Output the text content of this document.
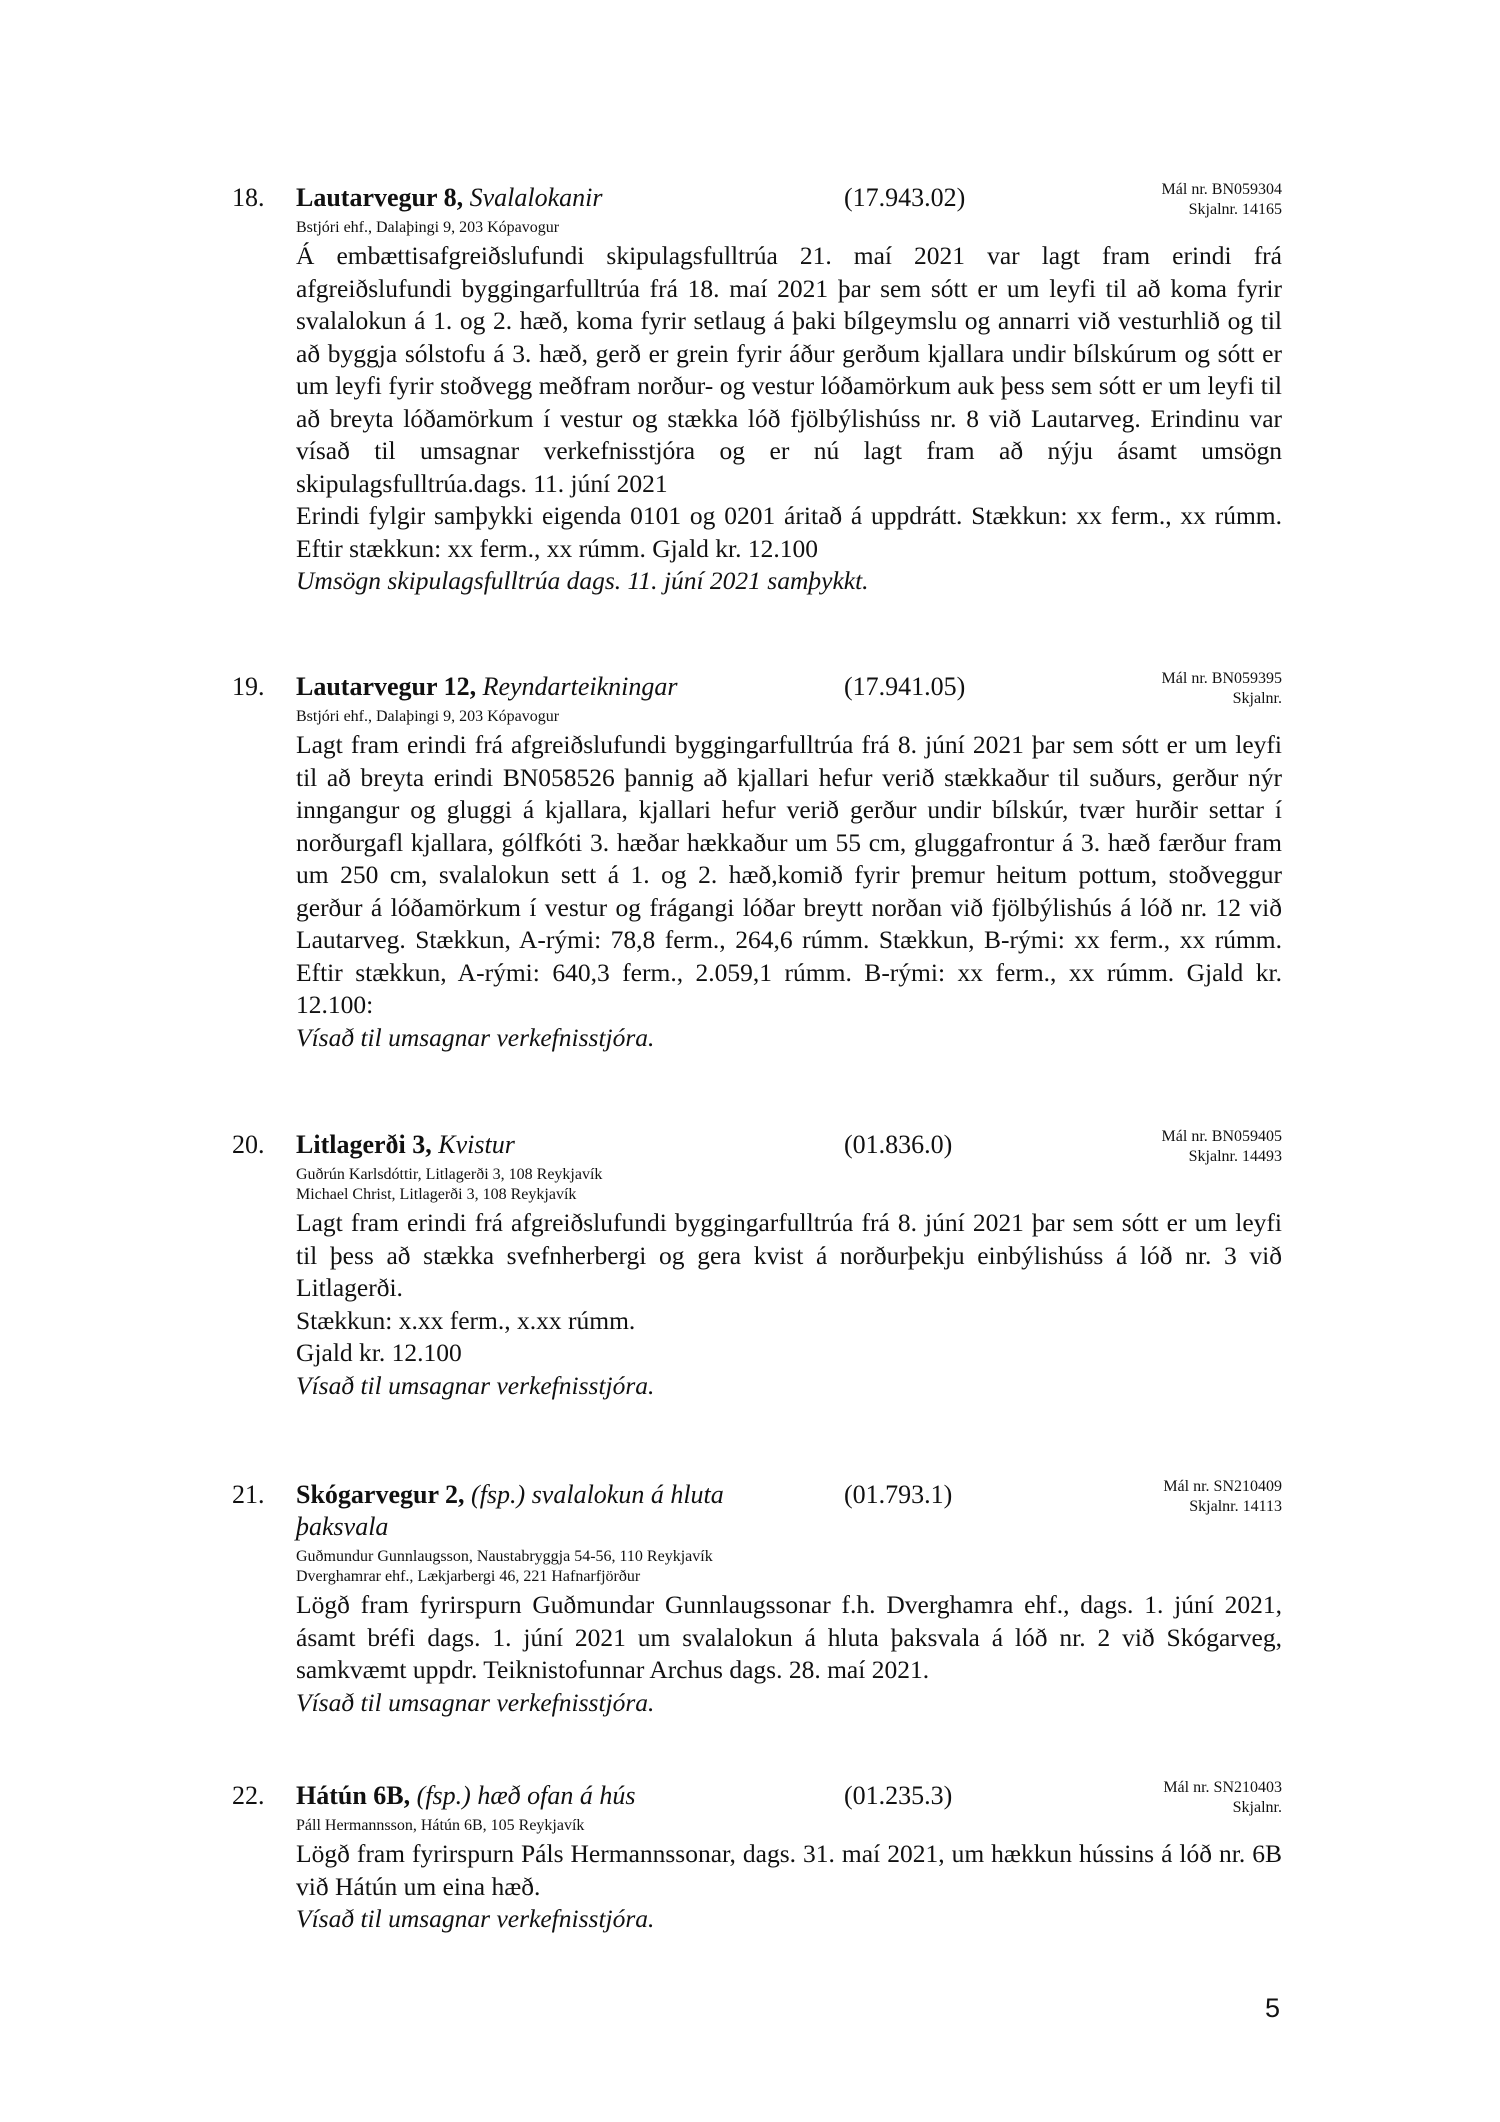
18. Lautarvegur 8, Svalalokanir	(17.943.02)	Mál nr. BN059304
Skjalnr. 14165
Bstjóri ehf., Dalaþingi 9, 203 Kópavogur

Á embættisafgreiðslufundi skipulagsfulltrúa 21. maí 2021 var lagt fram erindi frá afgreiðslufundi byggingarfulltrúa frá 18. maí 2021 þar sem sótt er um leyfi til að koma fyrir svalalokun á 1. og 2. hæð, koma fyrir setlaug á þaki bílgeymslu og annarri við vesturhlið og til að byggja sólstofu á 3. hæð, gerð er grein fyrir áður gerðum kjallara undir bílskúrum og sótt er um leyfi fyrir stoðvegg meðfram norður- og vestur lóðamörkum auk þess sem sótt er um leyfi til að breyta lóðamörkum í vestur og stækka lóð fjölbýlishúss nr. 8 við Lautarveg. Erindinu var vísað til umsagnar verkefnisstjóra og er nú lagt fram að nýju ásamt umsögn skipulagsfulltrúa.dags. 11. júní 2021

Erindi fylgir samþykki eigenda 0101 og 0201 áritað á uppdrátt. Stækkun: xx ferm., xx rúmm. Eftir stækkun: xx ferm., xx rúmm. Gjald kr. 12.100

Umsögn skipulagsfulltrúa dags. 11. júní 2021 samþykkt.

19. Lautarvegur 12, Reyndarteikningar	(17.941.05)	Mál nr. BN059395
Skjalnr.
Bstjóri ehf., Dalaþingi 9, 203 Kópavogur

Lagt fram erindi frá afgreiðslufundi byggingarfulltrúa frá 8. júní 2021 þar sem sótt er um leyfi til að breyta erindi BN058526 þannig að kjallari hefur verið stækkaður til suðurs, gerður nýr inngangur og gluggi á kjallara, kjallari hefur verið gerður undir bílskúr, tvær hurðir settar í norðurgafl kjallara, gólfkóti 3. hæðar hækkaður um 55 cm, gluggafrontur á 3. hæð færður fram um 250 cm, svalalokun sett á 1. og 2. hæð,komið fyrir þremur heitum pottum, stoðveggur gerður á lóðamörkum í vestur og frágangi lóðar breytt norðan við fjölbýlishús á lóð nr. 12 við Lautarveg. Stækkun, A-rými: 78,8 ferm., 264,6 rúmm. Stækkun, B-rými: xx ferm., xx rúmm. Eftir stækkun, A-rými: 640,3 ferm., 2.059,1 rúmm. B-rými: xx ferm., xx rúmm. Gjald kr. 12.100:

Vísað til umsagnar verkefnisstjóra.

20. Litlagerði 3, Kvistur	(01.836.0)	Mál nr. BN059405
Skjalnr. 14493
Guðrún Karlsdóttir, Litlagerði 3, 108 Reykjavík
Michael Christ, Litlagerði 3, 108 Reykjavík

Lagt fram erindi frá afgreiðslufundi byggingarfulltrúa frá 8. júní 2021 þar sem sótt er um leyfi til þess að stækka svefnherbergi og gera kvist á norðurþekju einbýlishúss á lóð nr. 3 við Litlagerði.

Stækkun: x.xx ferm., x.xx rúmm.

Gjald kr. 12.100

Vísað til umsagnar verkefnisstjóra.

21. Skógarvegur 2, (fsp.) svalalokun á hluta þaksvala
(01.793.1)	Mál nr. SN210409
Skjalnr. 14113
Guðmundur Gunnlaugsson, Naustabryggja 54-56, 110 Reykjavík
Dverghamrar ehf., Lækjarbergi 46, 221 Hafnarfjörður

Lögð fram fyrirspurn Guðmundar Gunnlaugssonar f.h. Dverghamra ehf., dags. 1. júní 2021, ásamt bréfi dags. 1. júní 2021 um svalalokun á hluta þaksvala á lóð nr. 2 við Skógarveg, samkvæmt uppdr. Teiknistofunnar Archus dags. 28. maí 2021.

Vísað til umsagnar verkefnisstjóra.

22. Hátún 6B, (fsp.) hæð ofan á hús	(01.235.3)	Mál nr. SN210403
Skjalnr.
Páll Hermannsson, Hátún 6B, 105 Reykjavík

Lögð fram fyrirspurn Páls Hermannssonar, dags. 31. maí 2021, um hækkun hússins á lóð nr. 6B við Hátún um eina hæð.

Vísað til umsagnar verkefnisstjóra.

5
